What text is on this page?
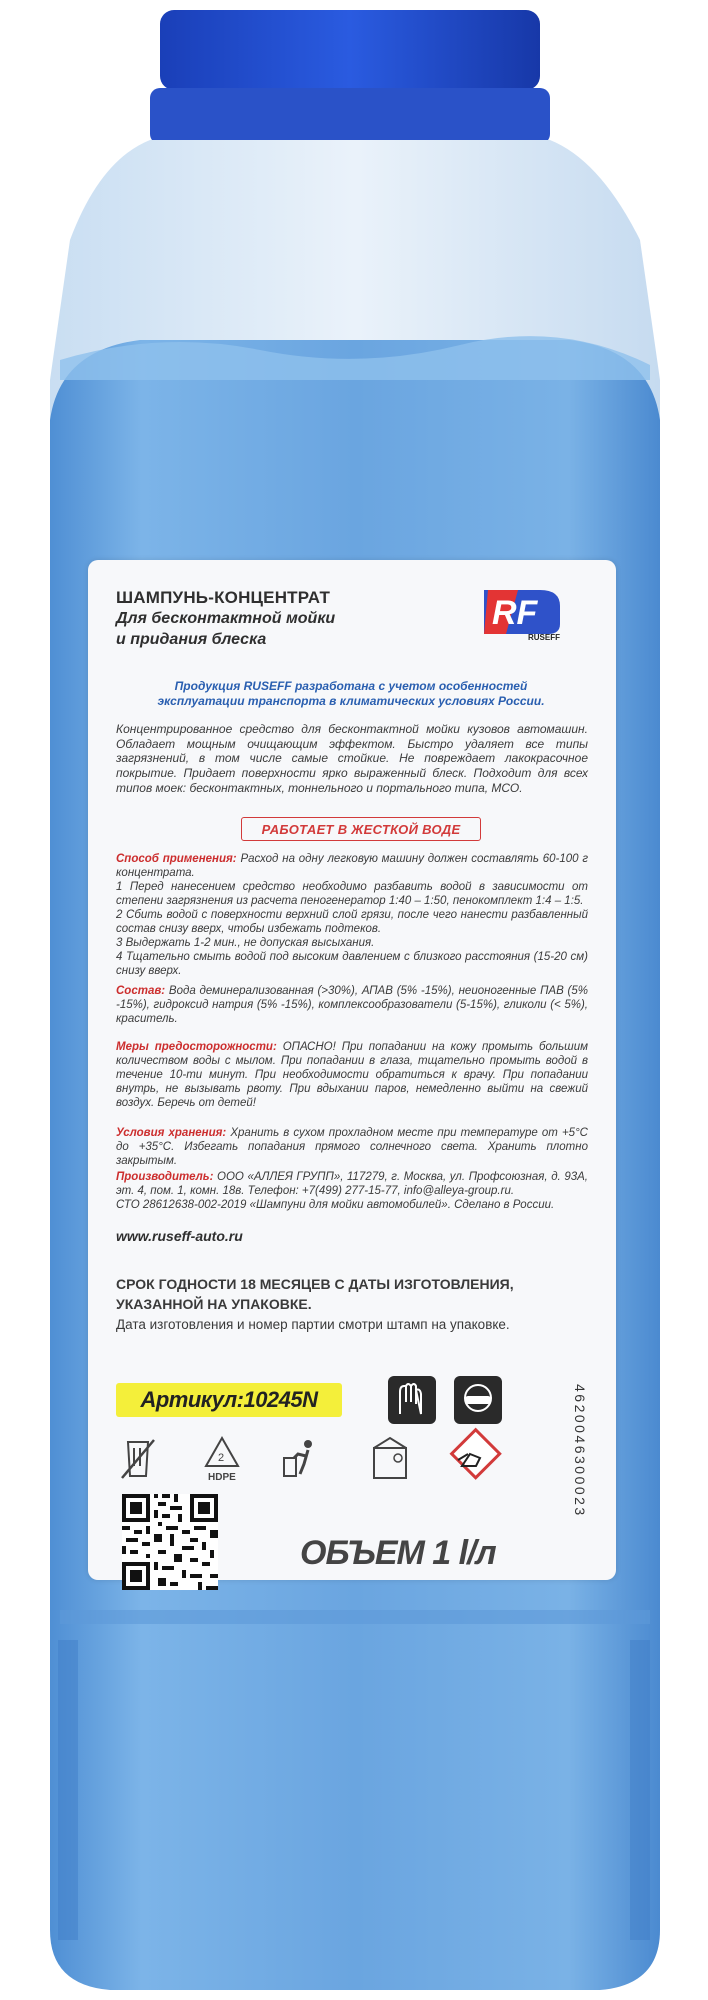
ШАМПУНЬ-КОНЦЕНТРАТ
Для бесконтактной мойки
и придания блеска
RF
RUSEFF
Продукция RUSEFF разработана с учетом особенностей
эксплуатации транспорта в климатических условиях России.
Концентрированное средство для бесконтактной мойки кузовов автомашин. Обладает мощным очищающим эффектом. Быстро удаляет все типы загрязнений, в том числе самые стойкие. Не повреждает лакокрасочное покрытие. Придает поверхности ярко выраженный блеск. Подходит для всех типов моек: бесконтактных, тоннельного и портального типа, МСО.
РАБОТАЕТ В ЖЕСТКОЙ ВОДЕ
Способ применения: Расход на одну легковую машину должен составлять 60-100 г концентрата.
1 Перед нанесением средство необходимо разбавить водой в зависимости от степени загрязнения из расчета пеногенератор 1:40 – 1:50, пенокомплект 1:4 – 1:5.
2 Сбить водой с поверхности верхний слой грязи, после чего нанести разбавленный состав снизу вверх, чтобы избежать подтеков.
3 Выдержать 1-2 мин., не допуская высыхания.
4 Тщательно смыть водой под высоким давлением с близкого расстояния (15-20 см) снизу вверх.
Состав: Вода деминерализованная (>30%), АПАВ (5% -15%), неионогенные ПАВ (5% -15%), гидроксид натрия (5% -15%), комплексообразователи (5-15%), гликоли (< 5%), краситель.
Меры предосторожности: ОПАСНО! При попадании на кожу промыть большим количеством воды с мылом. При попадании в глаза, тщательно промыть водой в течение 10-ти минут. При необходимости обратиться к врачу. При попадании внутрь, не вызывать рвоту. При вдыхании паров, немедленно выйти на свежий воздух. Беречь от детей!
Условия хранения: Хранить в сухом прохладном месте при температуре от +5°С до +35°С. Избегать попадания прямого солнечного света. Хранить плотно закрытым.
Производитель: ООО «АЛЛЕЯ ГРУПП», 117279, г. Москва, ул. Профсоюзная, д. 93А, эт. 4, пом. 1, комн. 18в. Телефон: +7(499) 277-15-77, info@alleya-group.ru.
СТО 28612638-002-2019 «Шампуни для мойки автомобилей». Сделано в России.
www.ruseff-auto.ru
СРОК ГОДНОСТИ 18 МЕСЯЦЕВ С ДАТЫ ИЗГОТОВЛЕНИЯ,
УКАЗАННОЙ НА УПАКОВКЕ.
Дата изготовления и номер партии смотри штамп на упаковке.
Артикул:10245N
2
HDPE
ОБЪЕМ 1 l/л
4620046300023
